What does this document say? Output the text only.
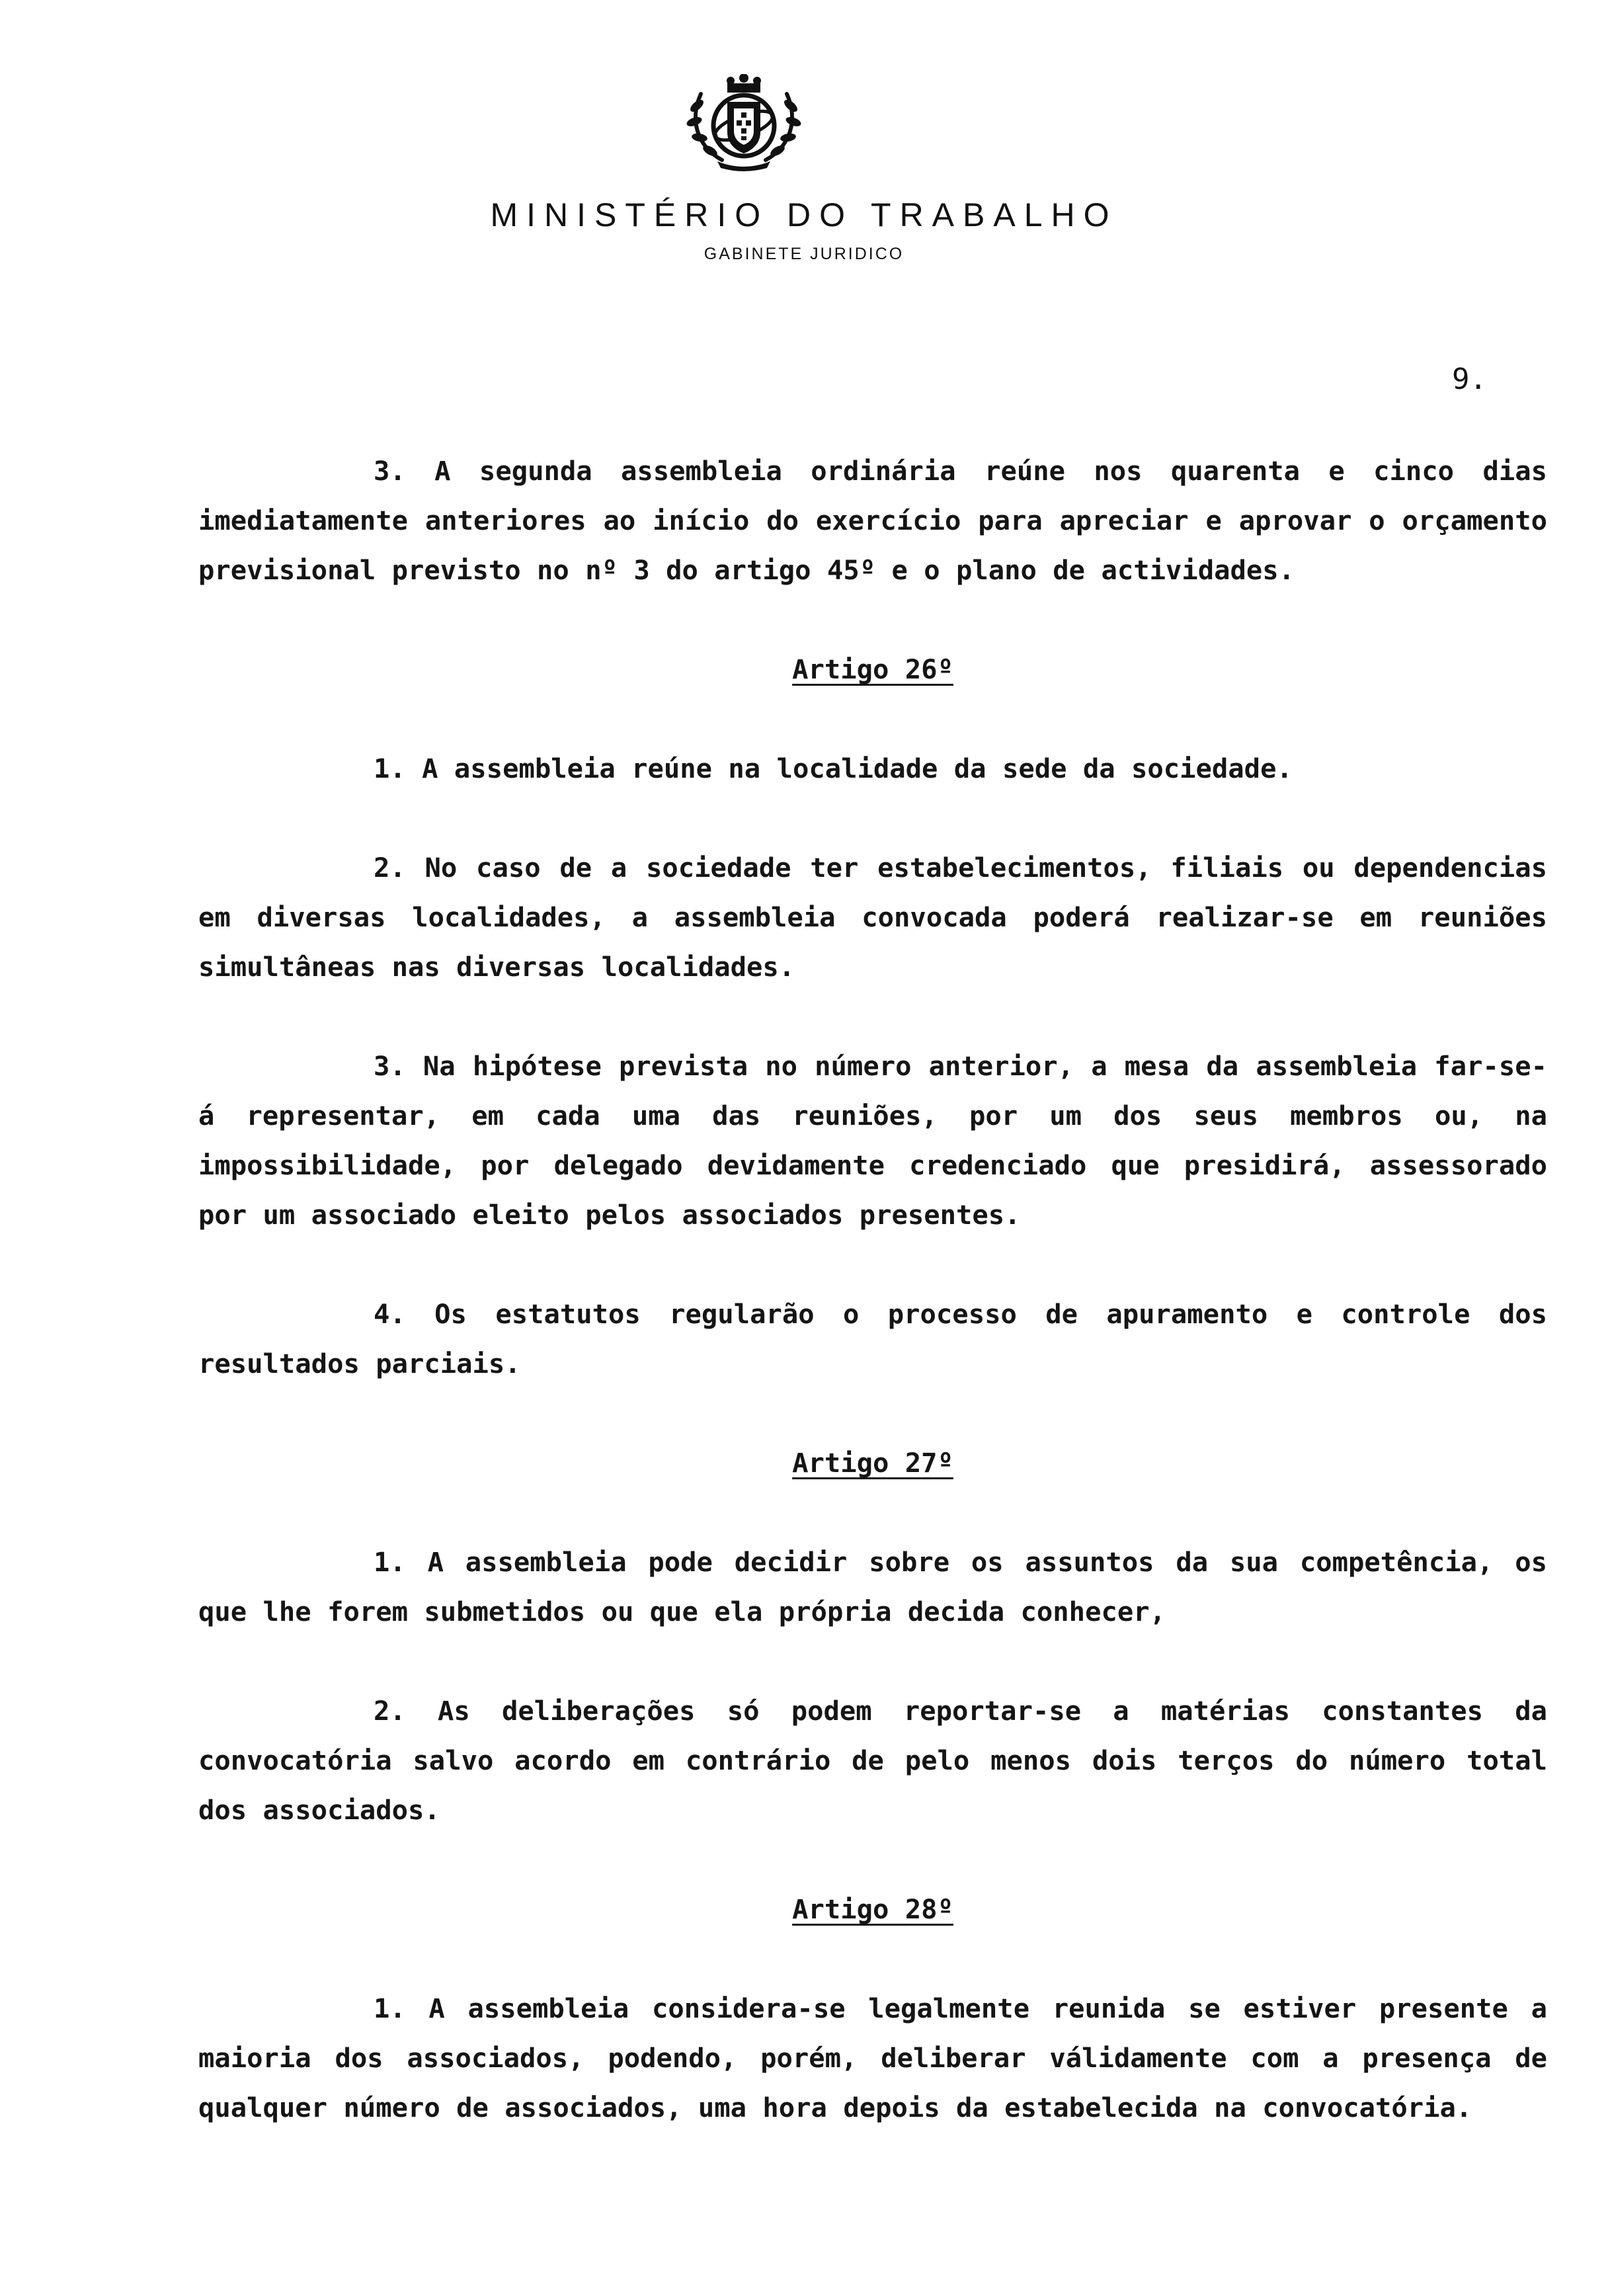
MINISTÉRIO DO TRABALHO
GABINETE JURIDICO
9.

3. A segunda assembleia ordinária reúne nos quarenta e cinco dias imediatamente anteriores ao início do exercício para apreciar e aprovar o orçamento previsional previsto no nº 3 do artigo 45º e o plano de actividades.

Artigo 26º

1. A assembleia reúne na localidade da sede da sociedade.

2. No caso de a sociedade ter estabelecimentos, filiais ou dependencias em diversas localidades, a assembleia convocada poderá realizar-se em reuniões simultâneas nas diversas localidades.

3. Na hipótese prevista no número anterior, a mesa da assembleia far-se-á representar, em cada uma das reuniões, por um dos seus membros ou, na impossibilidade, por delegado devidamente credenciado que presidirá, assessorado por um associado eleito pelos associados presentes.

4. Os estatutos regularão o processo de apuramento e controle dos resultados parciais.

Artigo 27º

1. A assembleia pode decidir sobre os assuntos da sua competência, os que lhe forem submetidos ou que ela própria decida conhecer,

2. As deliberações só podem reportar-se a matérias constantes da convocatória salvo acordo em contrário de pelo menos dois terços do número total dos associados.

Artigo 28º

1. A assembleia considera-se legalmente reunida se estiver presente a maioria dos associados, podendo, porém, deliberar válidamente com a presença de qualquer número de associados, uma hora depois da estabelecida na convocatória.
